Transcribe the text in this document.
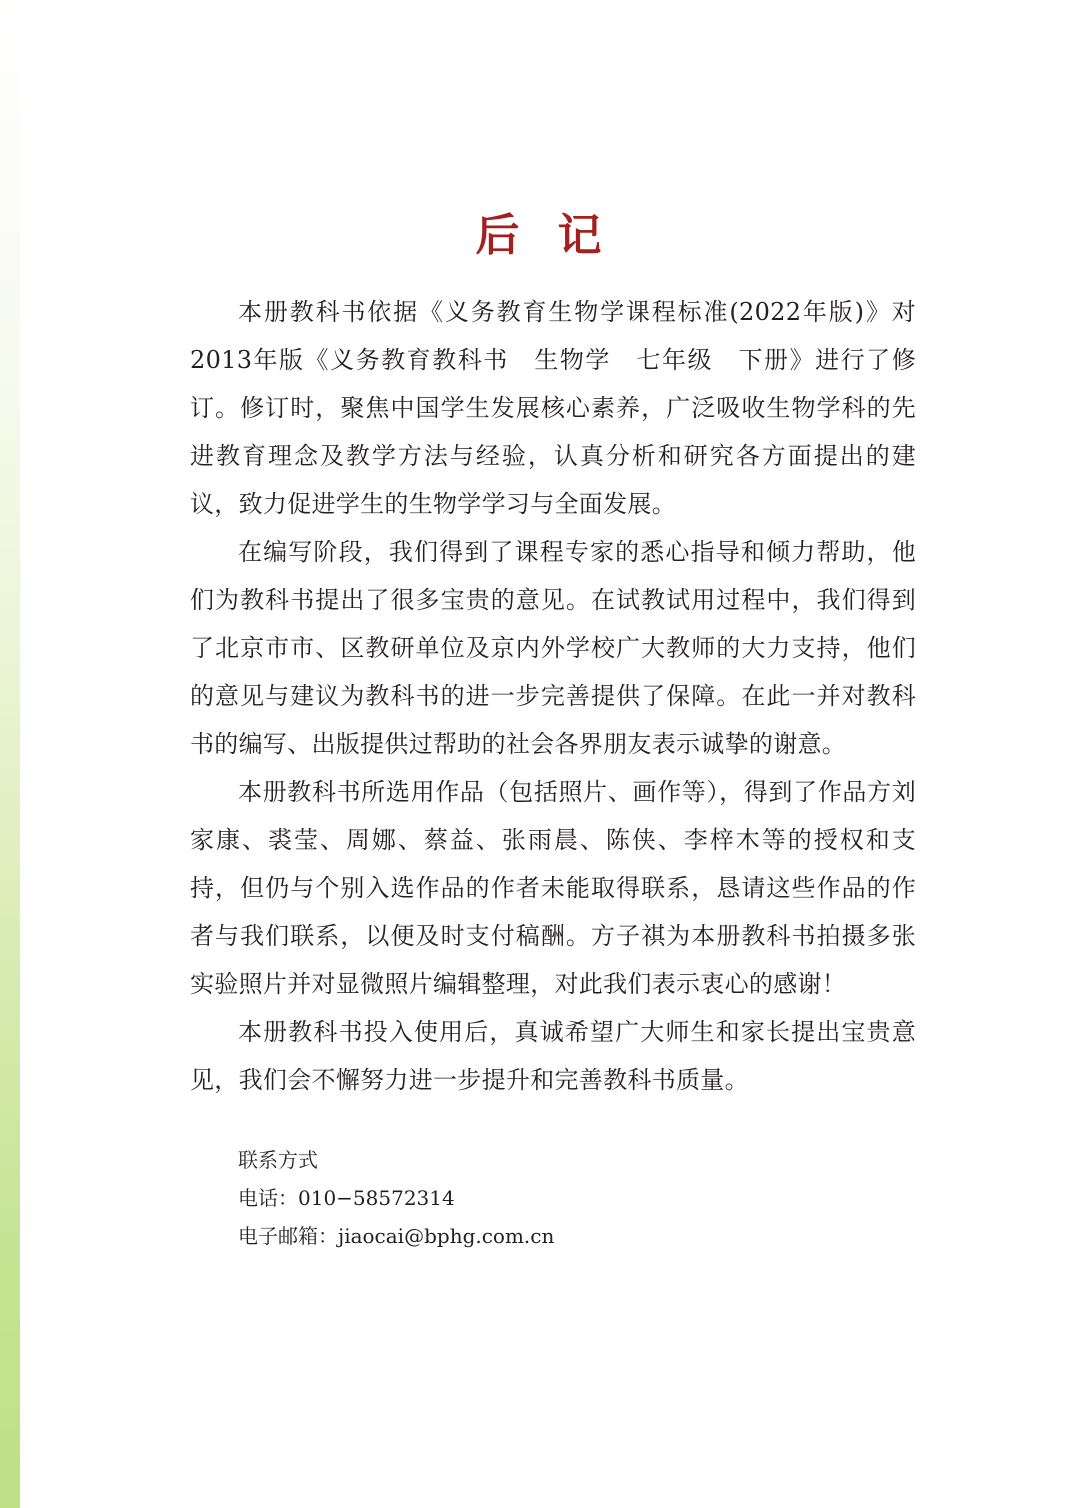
后记

本册教科书依据《义务教育生物学课程标准(2022年版)》对2013年版《义务教育教科书　生物学　七年级　下册》进行了修订。修订时，聚焦中国学生发展核心素养，广泛吸收生物学科的先进教育理念及教学方法与经验，认真分析和研究各方面提出的建议，致力促进学生的生物学学习与全面发展。

在编写阶段，我们得到了课程专家的悉心指导和倾力帮助，他们为教科书提出了很多宝贵的意见。在试教试用过程中，我们得到了北京市市、区教研单位及京内外学校广大教师的大力支持，他们的意见与建议为教科书的进一步完善提供了保障。在此一并对教科书的编写、出版提供过帮助的社会各界朋友表示诚挚的谢意。

本册教科书所选用作品（包括照片、画作等），得到了作品方刘家康、裘莹、周娜、蔡益、张雨晨、陈侠、李梓木等的授权和支持，但仍与个别入选作品的作者未能取得联系，恳请这些作品的作者与我们联系，以便及时支付稿酬。方子祺为本册教科书拍摄多张实验照片并对显微照片编辑整理，对此我们表示衷心的感谢！

本册教科书投入使用后，真诚希望广大师生和家长提出宝贵意见，我们会不懈努力进一步提升和完善教科书质量。

联系方式
电话：010−58572314
电子邮箱：jiaocai@bphg.com.cn
